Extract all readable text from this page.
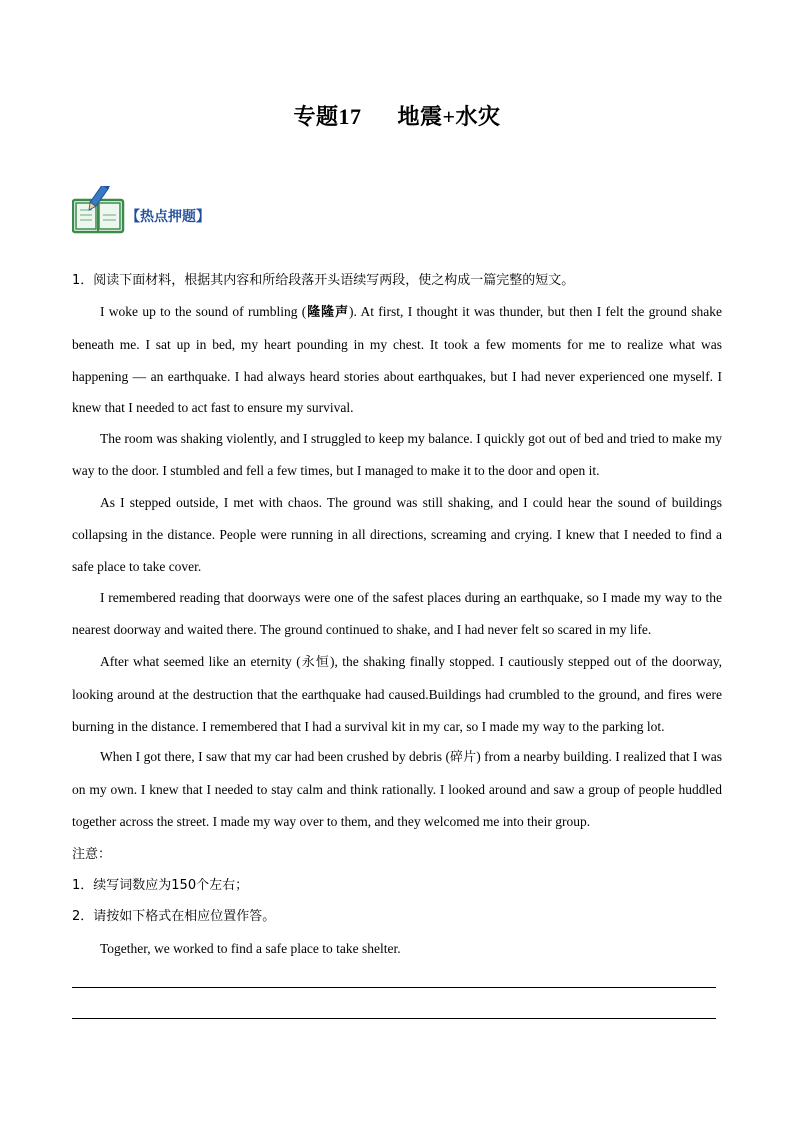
专题17      地震+水灾
【热点押题】
1．阅读下面材料，根据其内容和所给段落开头语续写两段，使之构成一篇完整的短文。

I woke up to the sound of rumbling (隆隆声). At first, I thought it was thunder, but then I felt the ground shake beneath me. I sat up in bed, my heart pounding in my chest. It took a few moments for me to realize what was happening — an earthquake. I had always heard stories about earthquakes, but I had never experienced one myself. I knew that I needed to act fast to ensure my survival.

The room was shaking violently, and I struggled to keep my balance. I quickly got out of bed and tried to make my way to the door. I stumbled and fell a few times, but I managed to make it to the door and open it.

As I stepped outside, I met with chaos. The ground was still shaking, and I could hear the sound of buildings collapsing in the distance. People were running in all directions, screaming and crying. I knew that I needed to find a safe place to take cover.

I remembered reading that doorways were one of the safest places during an earthquake, so I made my way to the nearest doorway and waited there. The ground continued to shake, and I had never felt so scared in my life.

After what seemed like an eternity (永恒), the shaking finally stopped. I cautiously stepped out of the doorway, looking around at the destruction that the earthquake had caused.Buildings had crumbled to the ground, and fires were burning in the distance. I remembered that I had a survival kit in my car, so I made my way to the parking lot.

When I got there, I saw that my car had been crushed by debris (碎片) from a nearby building. I realized that I was on my own. I knew that I needed to stay calm and think rationally. I looked around and saw a group of people huddled together across the street. I made my way over to them, and they welcomed me into their group.

注意：
1．续写词数应为150个左右；
2．请按如下格式在相应位置作答。
Together, we worked to find a safe place to take shelter.
